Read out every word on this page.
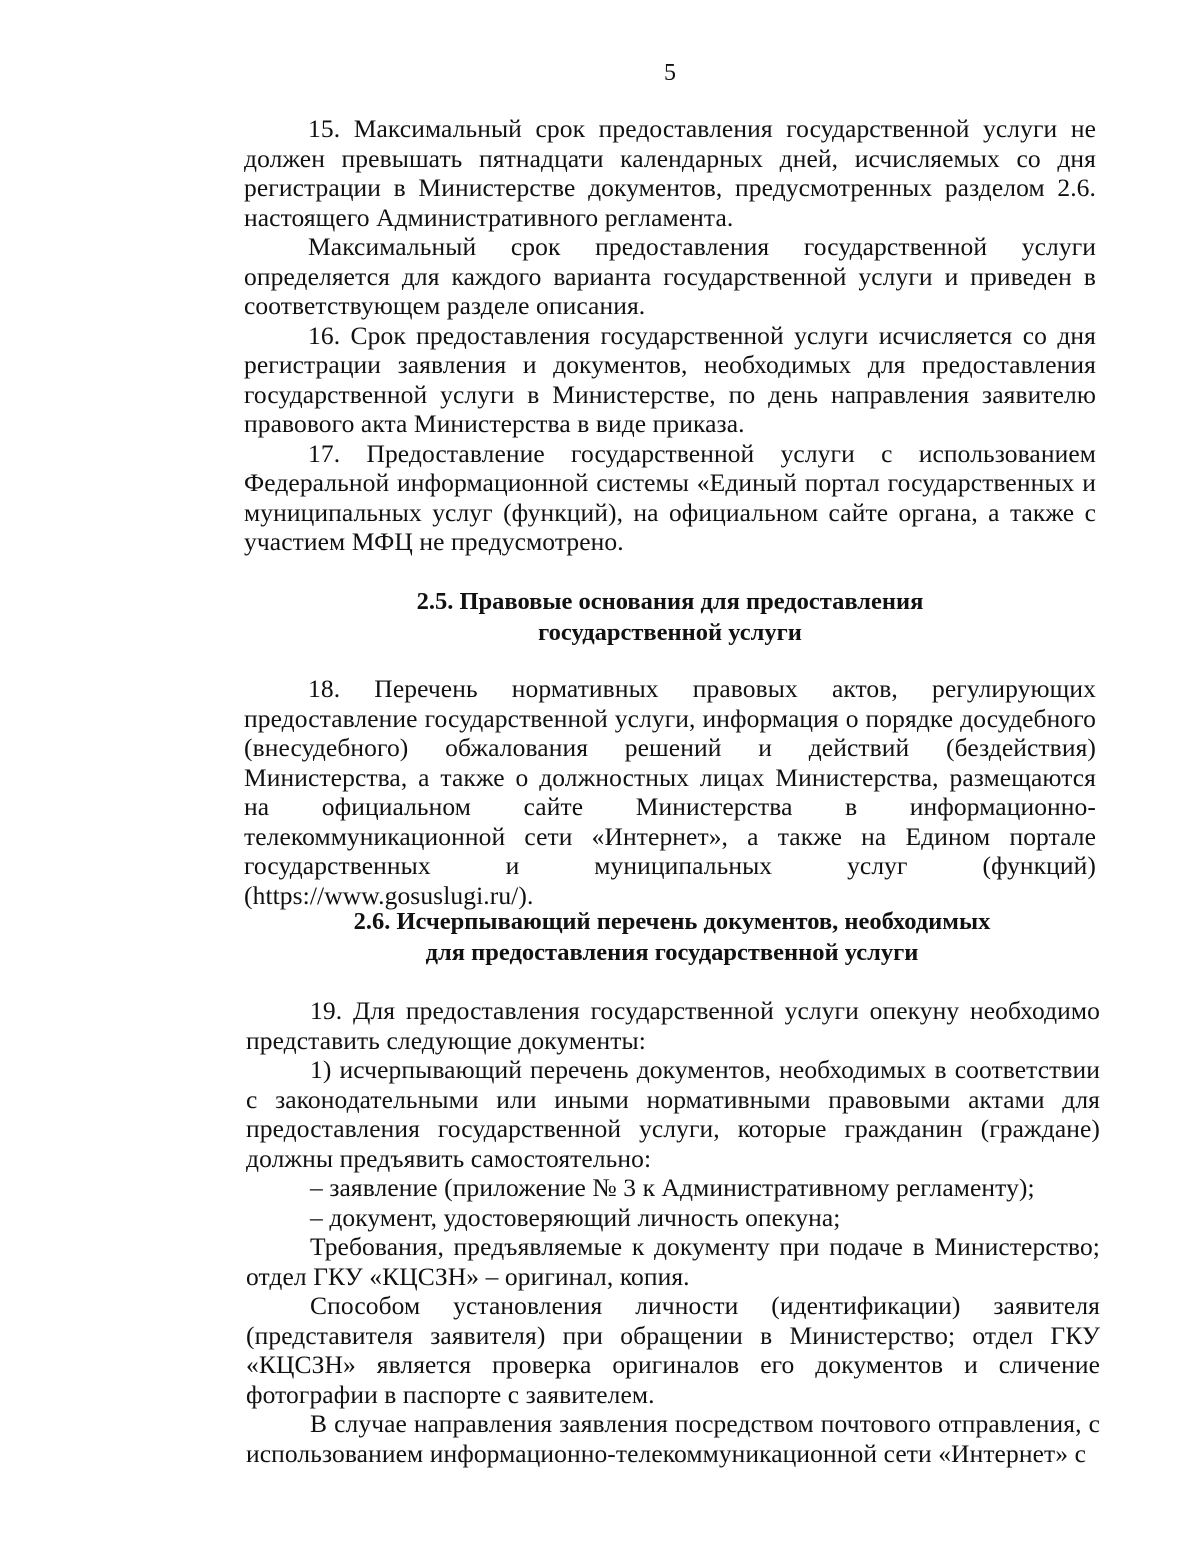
5

15. Максимальный срок предоставления государственной услуги не должен превышать пятнадцати календарных дней, исчисляемых со дня регистрации в Министерстве документов, предусмотренных разделом 2.6. настоящего Административного регламента.

Максимальный срок предоставления государственной услуги определяется для каждого варианта государственной услуги и приведен в соответствующем разделе описания.

16. Срок предоставления государственной услуги исчисляется со дня регистрации заявления и документов, необходимых для предоставления государственной услуги в Министерстве, по день направления заявителю правового акта Министерства в виде приказа.

17. Предоставление государственной услуги с использованием Федеральной информационной системы «Единый портал государственных и муниципальных услуг (функций), на официальном сайте органа, а также с участием МФЦ не предусмотрено.

2.5. Правовые основания для предоставления
государственной услуги

18. Перечень нормативных правовых актов, регулирующих предоставление государственной услуги, информация о порядке досудебного (внесудебного) обжалования решений и действий (бездействия) Министерства, а также о должностных лицах Министерства, размещаются на официальном сайте Министерства в информационно-телекоммуникационной сети «Интернет», а также на Едином портале государственных и муниципальных услуг (функций) (https://www.gosuslugi.ru/).

2.6. Исчерпывающий перечень документов, необходимых
для предоставления государственной услуги

19. Для предоставления государственной услуги опекуну необходимо представить следующие документы:

1) исчерпывающий перечень документов, необходимых в соответствии с законодательными или иными нормативными правовыми актами для предоставления государственной услуги, которые гражданин (граждане) должны предъявить самостоятельно:

– заявление (приложение № 3 к Административному регламенту);

– документ, удостоверяющий личность опекуна;

Требования, предъявляемые к документу при подаче в Министерство; отдел ГКУ «КЦСЗН» – оригинал, копия.

Способом установления личности (идентификации) заявителя (представителя заявителя) при обращении в Министерство; отдел ГКУ «КЦСЗН» является проверка оригиналов его документов и сличение фотографии в паспорте с заявителем.

В случае направления заявления посредством почтового отправления, с использованием информационно-телекоммуникационной сети «Интернет» с
